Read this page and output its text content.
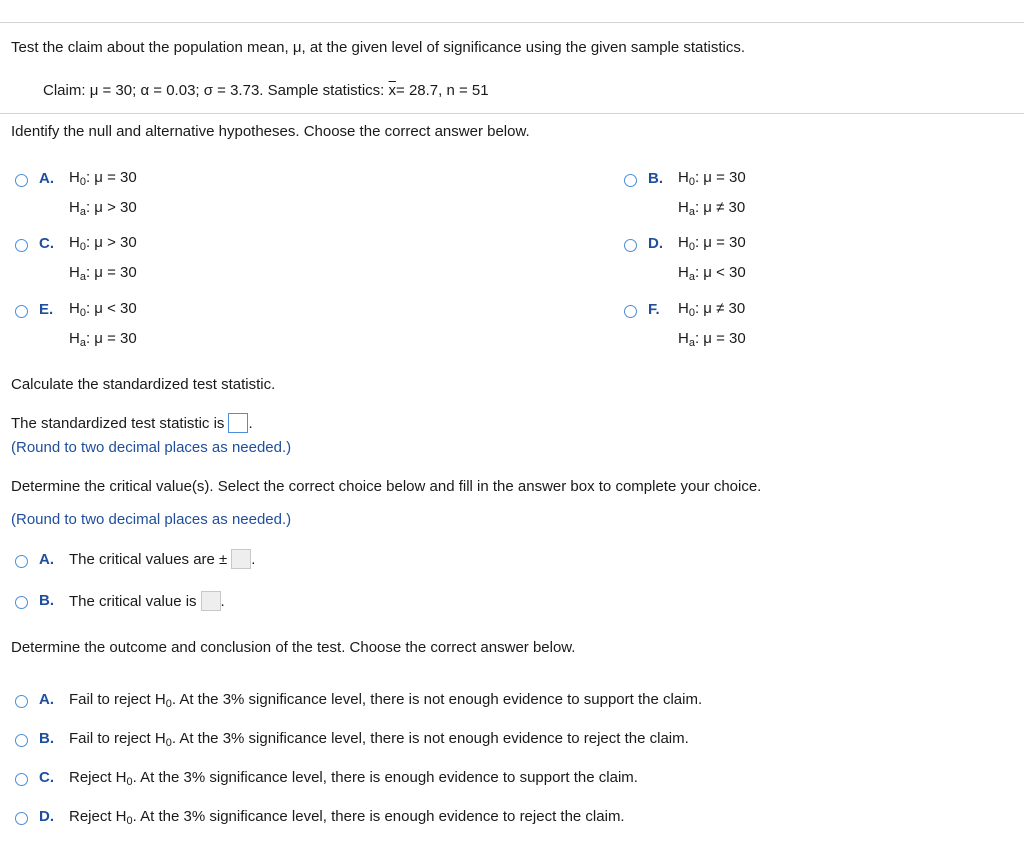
Test the claim about the population mean, μ, at the given level of significance using the given sample statistics.
Claim: μ = 30; α = 0.03; σ = 3.73. Sample statistics: $\overline{x}= 28.7$, n = 51
Identify the null and alternative hypotheses. Choose the correct answer below.
A. $H_0$: μ = 30
$H_a$: μ > 30
B. $H_0$: μ = 30
$H_a$: μ ≠ 30
C. $H_0$: μ > 30
$H_a$: μ = 30
D. $H_0$: μ = 30
$H_a$: μ < 30
E. $H_0$: μ < 30
$H_a$: μ = 30
F. $H_0$: μ ≠ 30
$H_a$: μ = 30
Calculate the standardized test statistic.
The standardized test statistic is .
(Round to two decimal places as needed.)
Determine the critical value(s). Select the correct choice below and fill in the answer box to complete your choice.
(Round to two decimal places as needed.)
A. The critical values are ± .
B. The critical value is .
Determine the outcome and conclusion of the test. Choose the correct answer below.
A. Fail to reject $H_0$. At the 3% significance level, there is not enough evidence to support the claim.
B. Fail to reject $H_0$. At the 3% significance level, there is not enough evidence to reject the claim.
C. Reject $H_0$. At the 3% significance level, there is enough evidence to support the claim.
D. Reject $H_0$. At the 3% significance level, there is enough evidence to reject the claim.
